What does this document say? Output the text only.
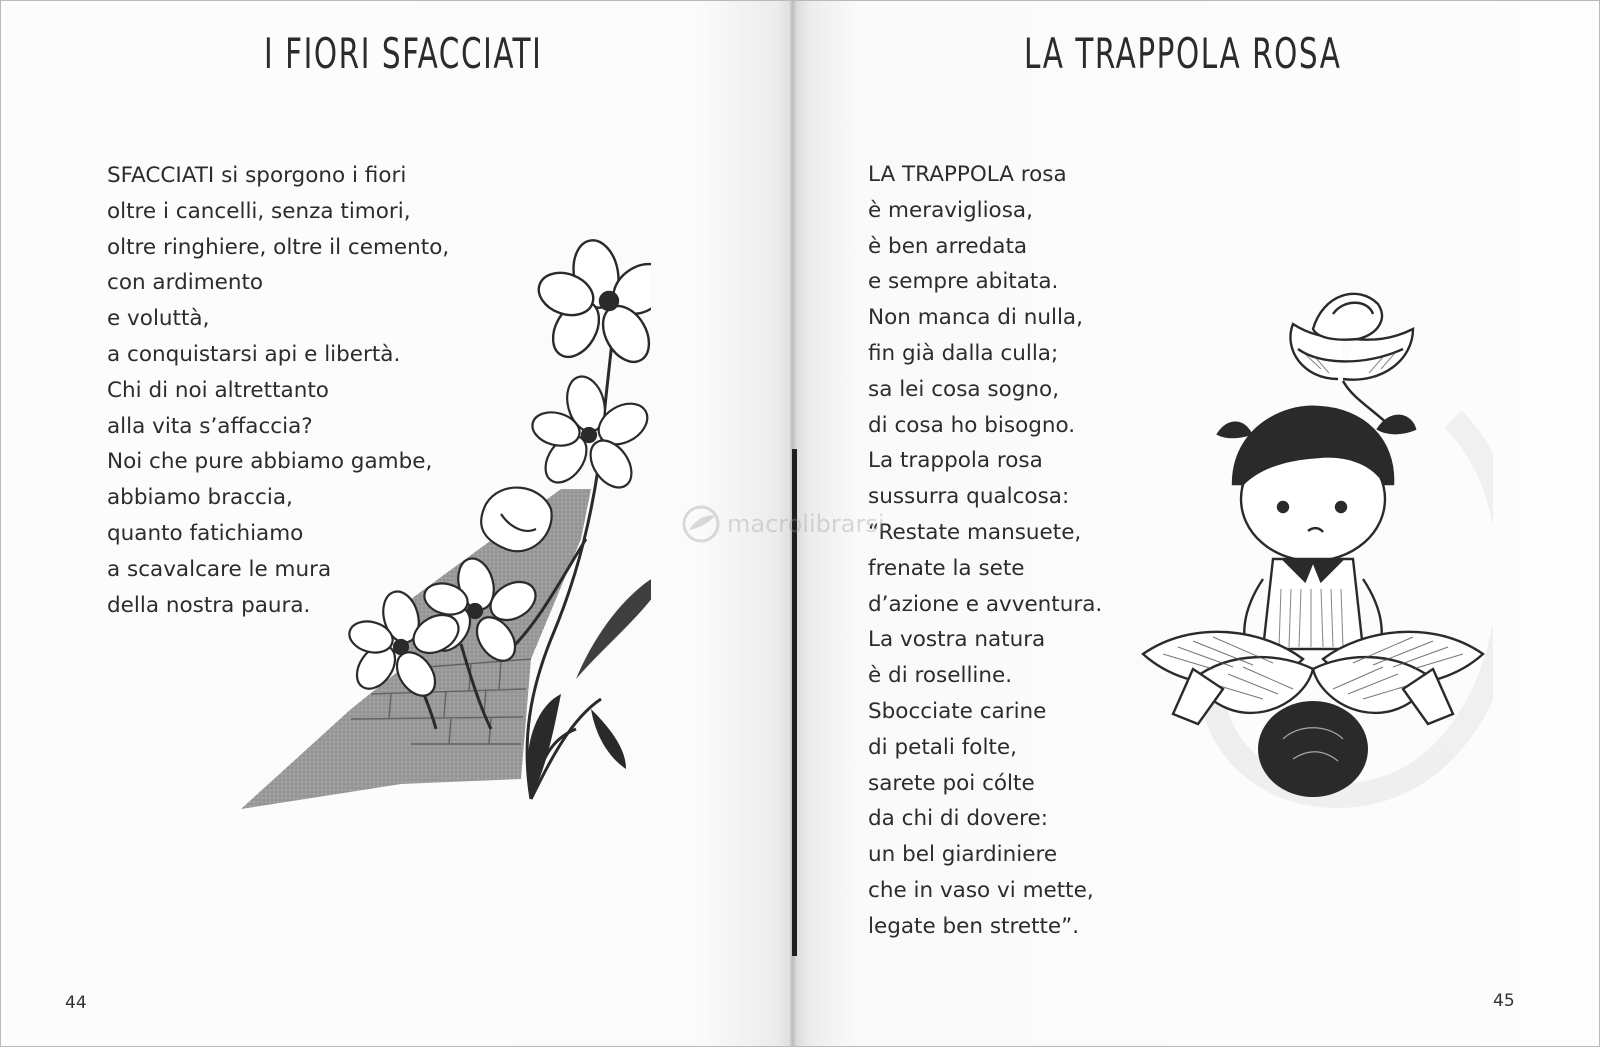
I FIORI SFACCIATI
SFACCIATI si sporgono i fiori
oltre i cancelli, senza timori,
oltre ringhiere, oltre il cemento,
con ardimento
e voluttà,
a conquistarsi api e libertà.
Chi di noi altrettanto
alla vita s’affaccia?
Noi che pure abbiamo gambe,
abbiamo braccia,
quanto fatichiamo
a scavalcare le mura
della nostra paura.
44
LA TRAPPOLA ROSA
LA TRAPPOLA rosa
è meravigliosa,
è ben arredata
e sempre abitata.
Non manca di nulla,
fin già dalla culla;
sa lei cosa sogno,
di cosa ho bisogno.
La trappola rosa
sussurra qualcosa:
“Restate mansuete,
frenate la sete
d’azione e avventura.
La vostra natura
è di roselline.
Sbocciate carine
di petali folte,
sarete poi cólte
da chi di dovere:
un bel giardiniere
che in vaso vi mette,
legate ben strette”.
45
macrolibrarsi
